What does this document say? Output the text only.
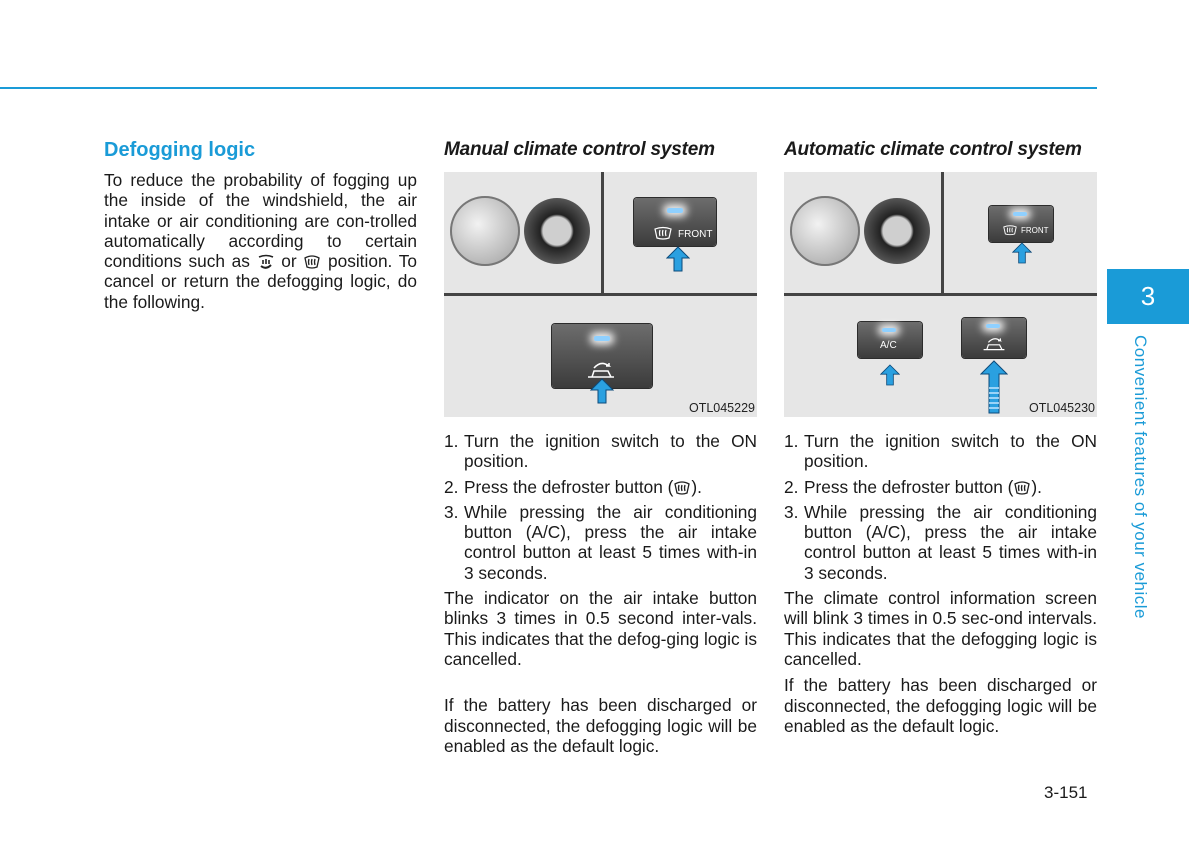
Defogging logic

To reduce the probability of fogging up the inside of the windshield, the air intake or air conditioning are con-trolled automatically according to certain conditions such as or position. To cancel or return the defogging logic, do the following.

Manual climate control system
FRONT
OTL045229
1. Turn the ignition switch to the ON position.
2. Press the defroster button ( ).
3. While pressing the air conditioning button (A/C), press the air intake control button at least 5 times with-in 3 seconds.

The indicator on the air intake button blinks 3 times in 0.5 second inter-vals. This indicates that the defog-ging logic is cancelled.

If the battery has been discharged or disconnected, the defogging logic will be enabled as the default logic.

Automatic climate control system
FRONT
A/C
OTL045230
1. Turn the ignition switch to the ON position.
2. Press the defroster button ( ).
3. While pressing the air conditioning button (A/C), press the air intake control button at least 5 times with-in 3 seconds.

The climate control information screen will blink 3 times in 0.5 sec-ond intervals. This indicates that the defogging logic is cancelled.

If the battery has been discharged or disconnected, the defogging logic will be enabled as the default logic.

3
Convenient features of your vehicle
3-151
